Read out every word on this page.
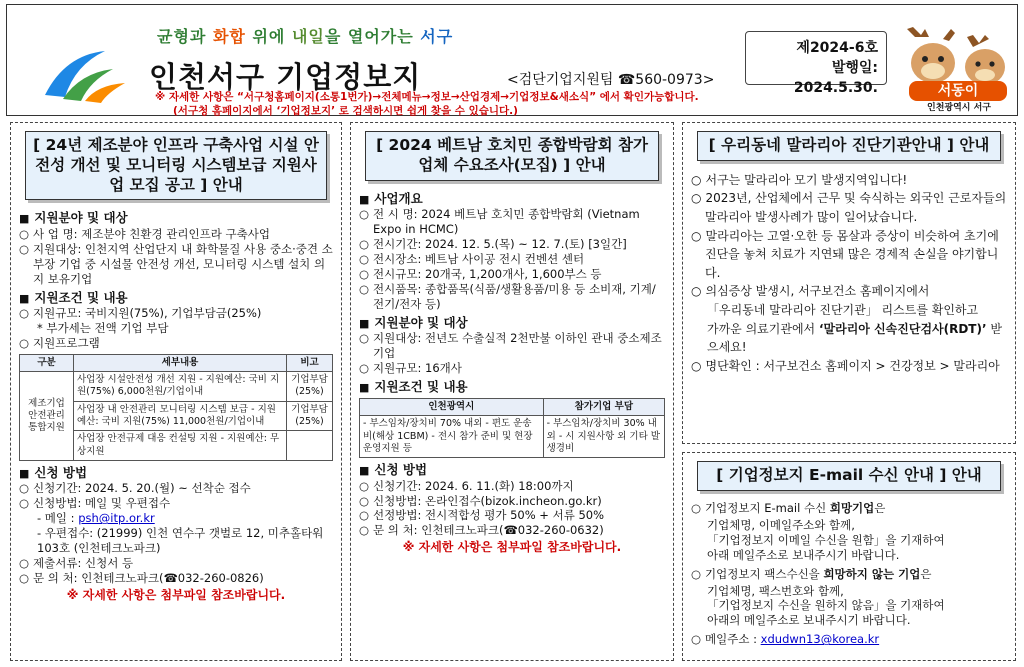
균형과 화합 위에 내일을 열어가는 서구
인천서구 기업정보지	<검단기업지원팀 ☎560-0973>
※ 자세한 사항은 “서구청홈페이지(소통1번가)→전체메뉴→정보→산업경제→기업정보&새소식” 에서 확인가능합니다.
(서구청 홈페이지에서 ‘기업정보지’ 로 검색하시면 쉽게 찾을 수 있습니다.)
제2024-6호
발행일: 2024.5.30.	서동이
인천광역시 서구
[ 24년 제조분야 인프라 구축사업 시설 안전성 개선 및 모니터링 시스템보급 지원사업 모집 공고 ] 안내
■ 지원분야 및 대상
○ 사 업 명: 제조분야 친환경 관리인프라 구축사업
○ 지원대상: 인천지역 산업단지 내 화학물질 사용 중소·중견 소부장 기업 중 시설물 안전성 개선, 모니터링 시스템 설치 의지 보유기업
■ 지원조건 및 내용
○ 지원규모: 국비지원(75%), 기업부담금(25%)
* 부가세는 전액 기업 부담
○ 지원프로그램
구분	세부내용	비고
제조기업 안전관리 통합지원	사업장 시설안전성 개선 지원 - 지원예산: 국비 지원(75%) 6,000천원/기업이내	기업부담 (25%)
	사업장 내 안전관리 모니터링 시스템 보급 - 지원예산: 국비 지원(75%) 11,000천원/기업이내	기업부담 (25%)
	사업장 안전규제 대응 컨설팅 지원 - 지원예산: 무상지원	
■ 신청 방법
○ 신청기간: 2024. 5. 20.(월) ~ 선착순 접수
○ 신청방법: 메일 및 우편접수
- 메일 : psh@itp.or.kr
- 우편접수: (21999) 인천 연수구 갯벌로 12, 미추홀타워 103호 (인천테크노파크)
○ 제출서류: 신청서 등
○ 문 의 처: 인천테크노파크(☎032-260-0826)
※ 자세한 사항은 첨부파일 참조바랍니다.
[ 2024 베트남 호치민 종합박람회 참가업체 수요조사(모집) ] 안내
■ 사업개요
○ 전 시 명: 2024 베트남 호치민 종합박람회 (Vietnam Expo in HCMC)
○ 전시기간: 2024. 12. 5.(목) ~ 12. 7.(토) [3일간]
○ 전시장소: 베트남 사이공 전시 컨벤션 센터
○ 전시규모: 20개국, 1,200개사, 1,600부스 등
○ 전시품목: 종합품목(식품/생활용품/미용 등 소비재, 기계/전기/전자 등)
■ 지원분야 및 대상
○ 지원대상: 전년도 수출실적 2천만불 이하인 관내 중소제조기업
○ 지원규모: 16개사
■ 지원조건 및 내용
인천광역시	참가기업 부담
- 부스임차/장치비 70% 내외 - 편도 운송비(해상 1CBM) - 전시 참가 준비 및 현장 운영지원 등	- 부스임차/장치비 30% 내외 - 시 지원사항 외 기타 발생경비
■ 신청 방법
○ 신청기간: 2024. 6. 11.(화) 18:00까지
○ 신청방법: 온라인접수(bizok.incheon.go.kr)
○ 선정방법: 전시적합성 평가 50% + 서류 50%
○ 문 의 처: 인천테크노파크(☎032-260-0632)
※ 자세한 사항은 첨부파일 참조바랍니다.
[ 우리동네 말라리아 진단기관안내 ] 안내
○ 서구는 말라리아 모기 발생지역입니다!
○ 2023년, 산업체에서 근무 및 숙식하는 외국인 근로자들의 말라리아 발생사례가 많이 일어났습니다.
○ 말라리아는 고열·오한 등 몸살과 증상이 비슷하여 초기에 진단을 놓쳐 치료가 지연돼 많은 경제적 손실을 야기합니다.
○ 의심증상 발생시, 서구보건소 홈페이지에서
「우리동네 말라리아 진단기관」 리스트를 확인하고
가까운 의료기관에서 ‘말라리아 신속진단검사(RDT)’ 받으세요!
○ 명단확인 : 서구보건소 홈페이지 > 건강정보 > 말라리아
[ 기업정보지 E-mail 수신 안내 ] 안내
○ 기업정보지 E-mail 수신 희망기업은
기업체명, 이메일주소와 함께,
「기업정보지 이메일 수신을 원함」을 기재하여
아래 메일주소로 보내주시기 바랍니다.
○ 기업정보지 팩스수신을 희망하지 않는 기업은
기업체명, 팩스번호와 함께,
「기업정보지 수신을 원하지 않음」을 기재하여
아래의 메일주소로 보내주시기 바랍니다.
○ 메일주소 : xdudwn13@korea.kr
